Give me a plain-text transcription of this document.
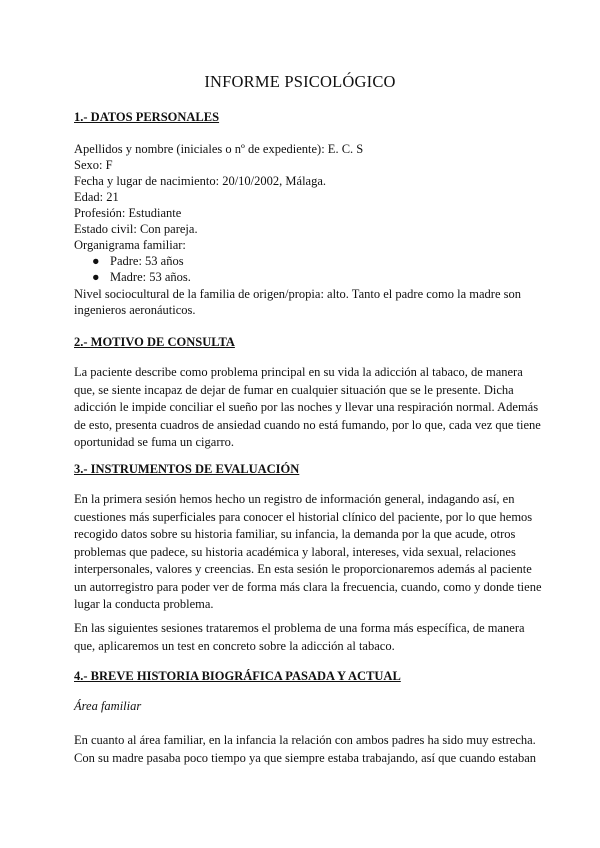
INFORME PSICOLÓGICO
1.- DATOS PERSONALES
Apellidos y nombre (iniciales o nº de expediente): E. C. S
Sexo: F
Fecha y lugar de nacimiento: 20/10/2002, Málaga.
Edad: 21
Profesión: Estudiante
Estado civil: Con pareja.
Organigrama familiar:
● Padre: 53 años
● Madre: 53 años.
Nivel sociocultural de la familia de origen/propia: alto. Tanto el padre como la madre son
ingenieros aeronáuticos.
2.- MOTIVO DE CONSULTA
La paciente describe como problema principal en su vida la adicción al tabaco, de manera
que, se siente incapaz de dejar de fumar en cualquier situación que se le presente. Dicha
adicción le impide conciliar el sueño por las noches y llevar una respiración normal. Además
de esto, presenta cuadros de ansiedad cuando no está fumando, por lo que, cada vez que tiene
oportunidad se fuma un cigarro.
3.- INSTRUMENTOS DE EVALUACIÓN
En la primera sesión hemos hecho un registro de información general, indagando así, en
cuestiones más superficiales para conocer el historial clínico del paciente, por lo que hemos
recogido datos sobre su historia familiar, su infancia, la demanda por la que acude, otros
problemas que padece, su historia académica y laboral, intereses, vida sexual, relaciones
interpersonales, valores y creencias. En esta sesión le proporcionaremos además al paciente
un autorregistro para poder ver de forma más clara la frecuencia, cuando, como y donde tiene
lugar la conducta problema.
En las siguientes sesiones trataremos el problema de una forma más específica, de manera
que, aplicaremos un test en concreto sobre la adicción al tabaco.
4.- BREVE HISTORIA BIOGRÁFICA PASADA Y ACTUAL
Área familiar
En cuanto al área familiar, en la infancia la relación con ambos padres ha sido muy estrecha.
Con su madre pasaba poco tiempo ya que siempre estaba trabajando, así que cuando estaban
